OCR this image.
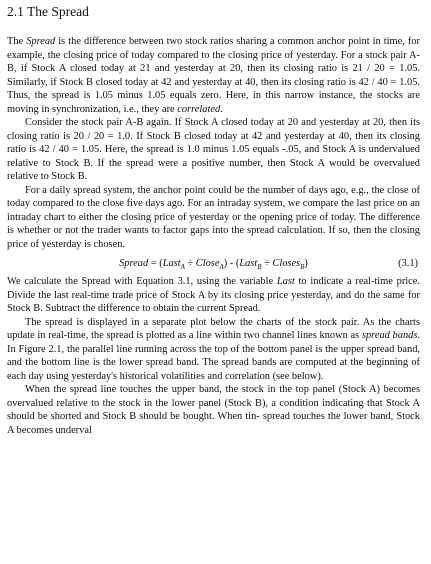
2.1 The Spread

The Spread is the difference between two stock ratios sharing a common anchor point in time, for example, the closing price of today compared to the closing price of yesterday. For a stock pair A-B, if Stock A closed today at 21 and yesterday at 20, then its closing ratio is 21 / 20 = 1.05. Similarly, if Stock B closed today at 42 and yesterday at 40, then its closing ratio is 42 / 40 = 1.05. Thus, the spread is 1.05 minus 1.05 equals zero. Here, in this narrow instance, the stocks are moving in synchronization, i.e., they are correlated.

Consider the stock pair A-B again. If Stock A closed today at 20 and yesterday at 20, then its closing ratio is 20 / 20 = 1.0. If Stock B closed today at 42 and yesterday at 40, then its closing ratio is 42 / 40 = 1.05. Here, the spread is 1.0 minus 1.05 equals -.05, and Stock A is undervalued relative to Stock B. If the spread were a positive number, then Stock A would be overvalued relative to Stock B.

For a daily spread system, the anchor point could be the number of days ago, e.g., the close of today compared to the close five days ago. For an intraday system, we compare the last price on an intraday chart to either the closing price of yesterday or the opening price of today. The difference is whether or not the trader wants to factor gaps into the spread calculation. If so, then the closing price of yesterday is chosen.

Spread = (Last$_A$ ÷ Close$_A$) - (Last$_B$ ÷ Closes$_B$)	(3.1)

We calculate the Spread with Equation 3.1, using the variable Last to indicate a real-time price. Divide the last real-time trade price of Stock A by its closing price yesterday, and do the same for Stock B. Subtract the difference to obtain the current Spread.

The spread is displayed in a separate plot below the charts of the stock pair. As the charts update in real-time, the spread is plotted as a line within two channel lines known as spread bands. In Figure 2.1, the parallel line running across the top of the bottom panel is the upper spread band, and the bottom line is the lower spread band. The spread bands are computed at the beginning of each day using yesterday's historical volatilities and correlation (see below).

When the spread line touches the upper band, the stock in the top panel (Stock A) becomes overvalued relative to the stock in the lower panel (Stock B), a condition indicating that Stock A should be shorted and Stock B should be bought. When tin- spread touches the lower band, Stock A becomes underval
